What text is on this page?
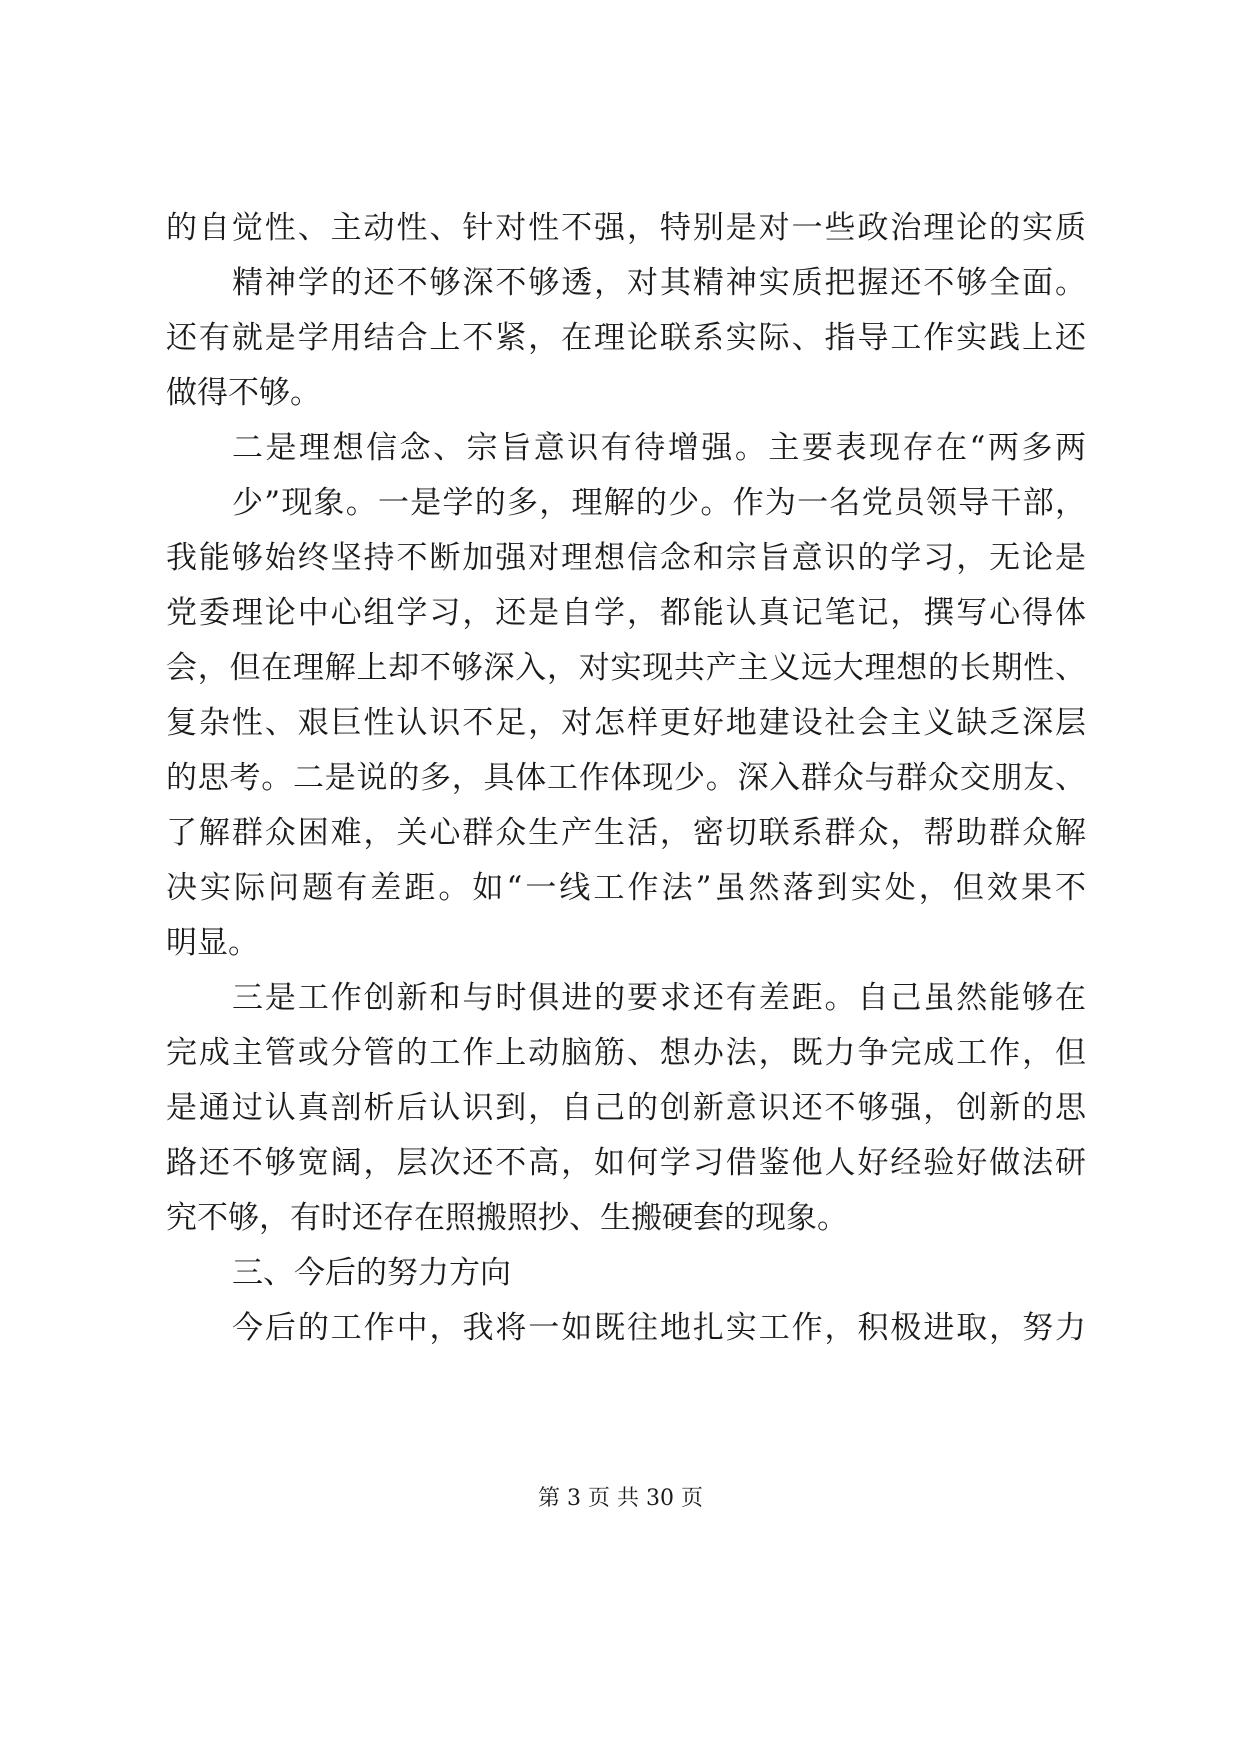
的自觉性、主动性、针对性不强，特别是对一些政治理论的实质
精神学的还不够深不够透，对其精神实质把握还不够全面。
还有就是学用结合上不紧，在理论联系实际、指导工作实践上还
做得不够。
二是理想信念、宗旨意识有待增强。主要表现存在“两多两
少”现象。一是学的多，理解的少。作为一名党员领导干部，
我能够始终坚持不断加强对理想信念和宗旨意识的学习，无论是
党委理论中心组学习，还是自学，都能认真记笔记，撰写心得体
会，但在理解上却不够深入，对实现共产主义远大理想的长期性、
复杂性、艰巨性认识不足，对怎样更好地建设社会主义缺乏深层
的思考。二是说的多，具体工作体现少。深入群众与群众交朋友、
了解群众困难，关心群众生产生活，密切联系群众，帮助群众解
决实际问题有差距。如“一线工作法”虽然落到实处，但效果不
明显。
三是工作创新和与时俱进的要求还有差距。自己虽然能够在
完成主管或分管的工作上动脑筋、想办法，既力争完成工作，但
是通过认真剖析后认识到，自己的创新意识还不够强，创新的思
路还不够宽阔，层次还不高，如何学习借鉴他人好经验好做法研
究不够，有时还存在照搬照抄、生搬硬套的现象。
三、今后的努力方向
今后的工作中，我将一如既往地扎实工作，积极进取，努力
第 3 页 共 30 页
